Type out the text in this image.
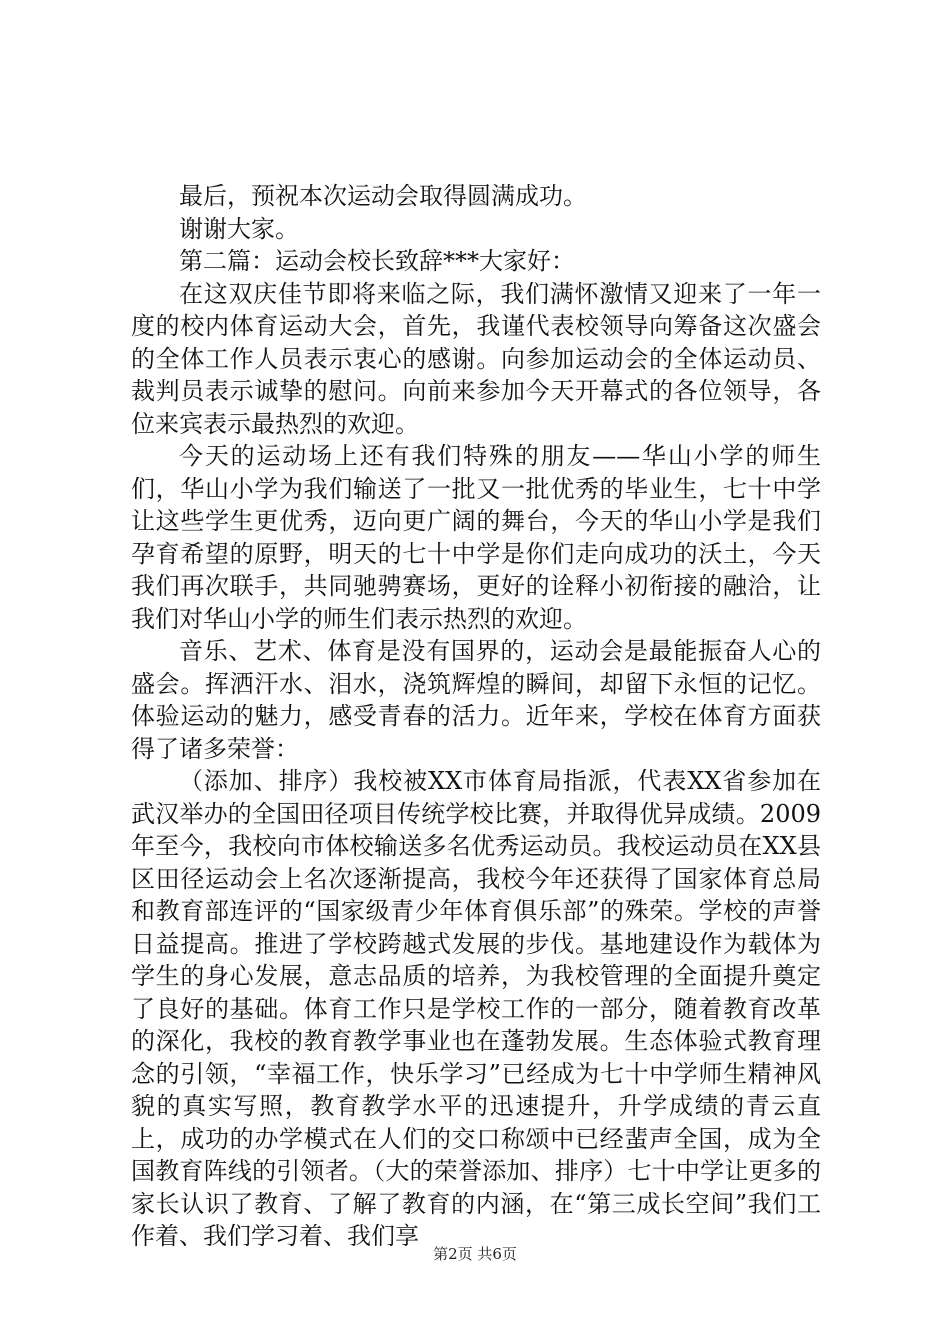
最后，预祝本次运动会取得圆满成功。

谢谢大家。

第二篇：运动会校长致辞***大家好：

在这双庆佳节即将来临之际，我们满怀激情又迎来了一年一度的校内体育运动大会，首先，我谨代表校领导向筹备这次盛会的全体工作人员表示衷心的感谢。向参加运动会的全体运动员、裁判员表示诚挚的慰问。向前来参加今天开幕式的各位领导，各位来宾表示最热烈的欢迎。

今天的运动场上还有我们特殊的朋友——华山小学的师生们，华山小学为我们输送了一批又一批优秀的毕业生，七十中学让这些学生更优秀，迈向更广阔的舞台，今天的华山小学是我们孕育希望的原野，明天的七十中学是你们走向成功的沃土，今天我们再次联手，共同驰骋赛场，更好的诠释小初衔接的融洽，让我们对华山小学的师生们表示热烈的欢迎。

音乐、艺术、体育是没有国界的，运动会是最能振奋人心的盛会。挥洒汗水、泪水，浇筑辉煌的瞬间，却留下永恒的记忆。体验运动的魅力，感受青春的活力。近年来，学校在体育方面获得了诸多荣誉：

（添加、排序）我校被XX市体育局指派，代表XX省参加在武汉举办的全国田径项目传统学校比赛，并取得优异成绩。2009年至今，我校向市体校输送多名优秀运动员。我校运动员在XX县区田径运动会上名次逐渐提高，我校今年还获得了国家体育总局和教育部连评的“国家级青少年体育俱乐部”的殊荣。学校的声誉日益提高。推进了学校跨越式发展的步伐。基地建设作为载体为学生的身心发展，意志品质的培养，为我校管理的全面提升奠定了良好的基础。体育工作只是学校工作的一部分，随着教育改革的深化，我校的教育教学事业也在蓬勃发展。生态体验式教育理念的引领，“幸福工作，快乐学习”已经成为七十中学师生精神风貌的真实写照，教育教学水平的迅速提升，升学成绩的青云直上，成功的办学模式在人们的交口称颂中已经蜚声全国，成为全国教育阵线的引领者。（大的荣誉添加、排序）七十中学让更多的家长认识了教育、了解了教育的内涵，在“第三成长空间”我们工作着、我们学习着、我们享

第2页 共6页
